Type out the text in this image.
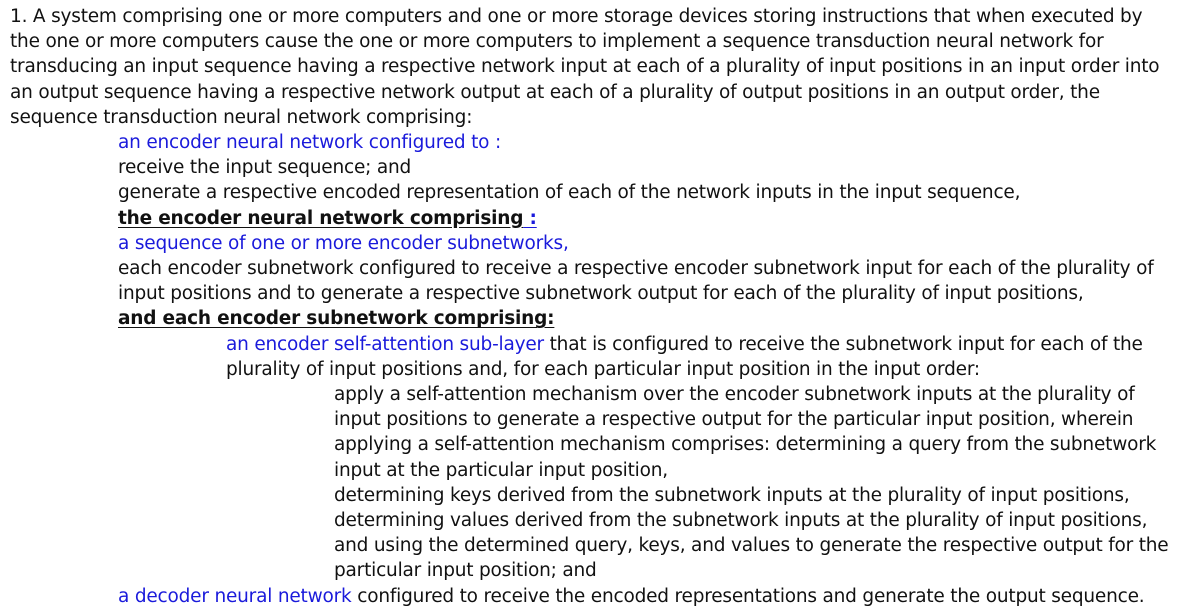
1. A system comprising one or more computers and one or more storage devices storing instructions that when executed by the one or more computers cause the one or more computers to implement a sequence transduction neural network for transducing an input sequence having a respective network input at each of a plurality of input positions in an input order into an output sequence having a respective network output at each of a plurality of output positions in an output order, the sequence transduction neural network comprising:

an encoder neural network configured to :

receive the input sequence; and

generate a respective encoded representation of each of the network inputs in the input sequence,

the encoder neural network comprising :

a sequence of one or more encoder subnetworks,

each encoder subnetwork configured to receive a respective encoder subnetwork input for each of the plurality of input positions and to generate a respective subnetwork output for each of the plurality of input positions,

and each encoder subnetwork comprising:

an encoder self-attention sub-layer that is configured to receive the subnetwork input for each of the plurality of input positions and, for each particular input position in the input order:

apply a self-attention mechanism over the encoder subnetwork inputs at the plurality of input positions to generate a respective output for the particular input position, wherein applying a self-attention mechanism comprises: determining a query from the subnetwork input at the particular input position,

determining keys derived from the subnetwork inputs at the plurality of input positions,

determining values derived from the subnetwork inputs at the plurality of input positions,

and using the determined query, keys, and values to generate the respective output for the particular input position; and

a decoder neural network configured to receive the encoded representations and generate the output sequence.
